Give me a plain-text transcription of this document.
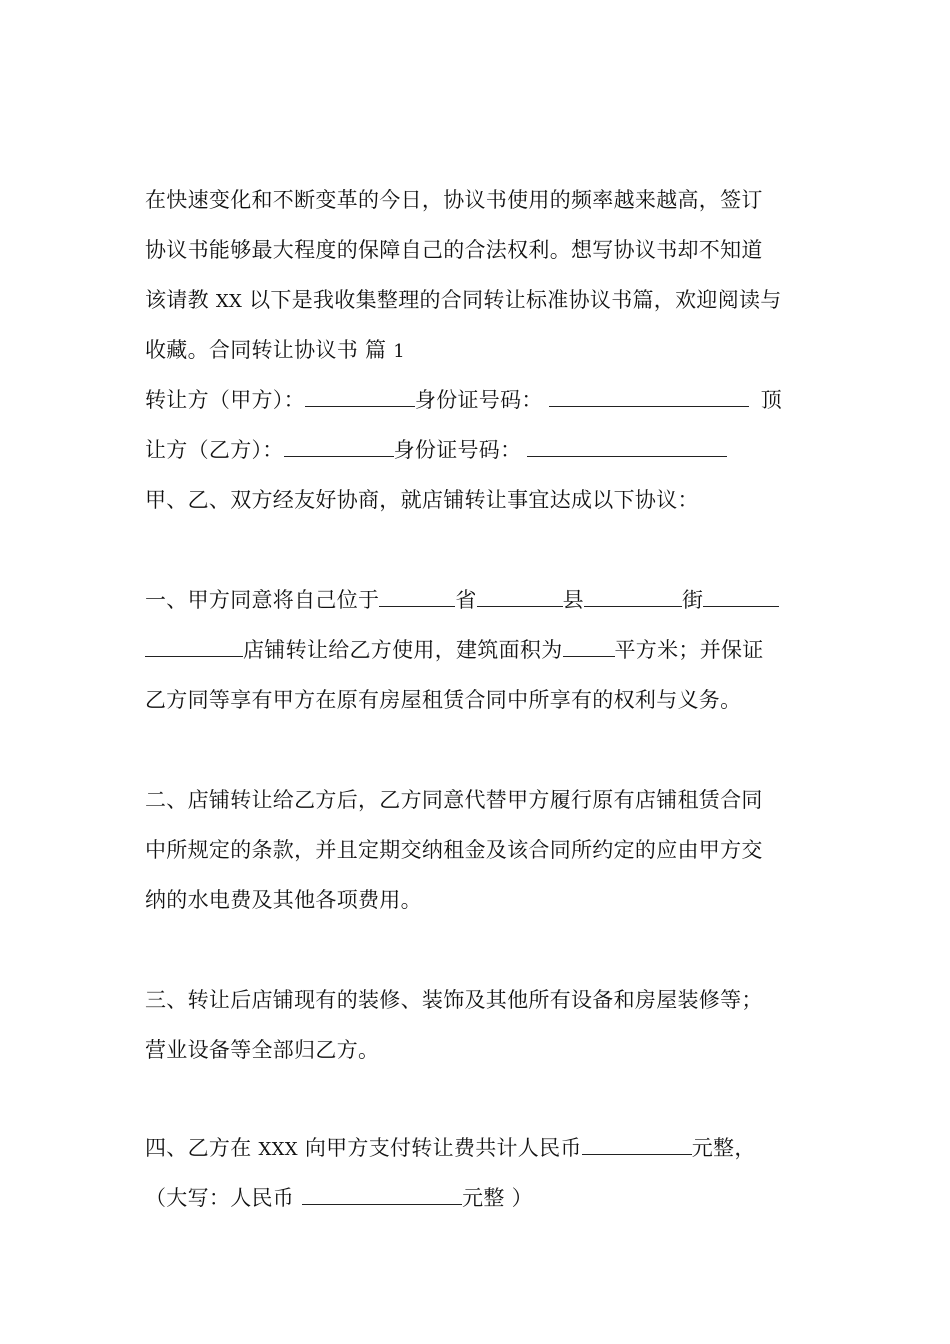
在快速变化和不断变革的今日，协议书使用的频率越来越高，签订
协议书能够最大程度的保障自己的合法权利。想写协议书却不知道
该请教 XX 以下是我收集整理的合同转让标准协议书篇，欢迎阅读与
收藏。合同转让协议书 篇 1
转让方（甲方）：	身份证号码：	顶
让方（乙方）：	身份证号码：
甲、乙、双方经友好协商，就店铺转让事宜达成以下协议：
一、甲方同意将自己位于	省	县	街
店铺转让给乙方使用，建筑面积为 平方米；并保证
乙方同等享有甲方在原有房屋租赁合同中所享有的权利与义务。
二、店铺转让给乙方后，乙方同意代替甲方履行原有店铺租赁合同
中所规定的条款，并且定期交纳租金及该合同所约定的应由甲方交
纳的水电费及其他各项费用。
三、转让后店铺现有的装修、装饰及其他所有设备和房屋装修等；
营业设备等全部归乙方。
四、乙方在 XXX 向甲方支付转让费共计人民币	元整，
（大写：人民币	元整 ）
